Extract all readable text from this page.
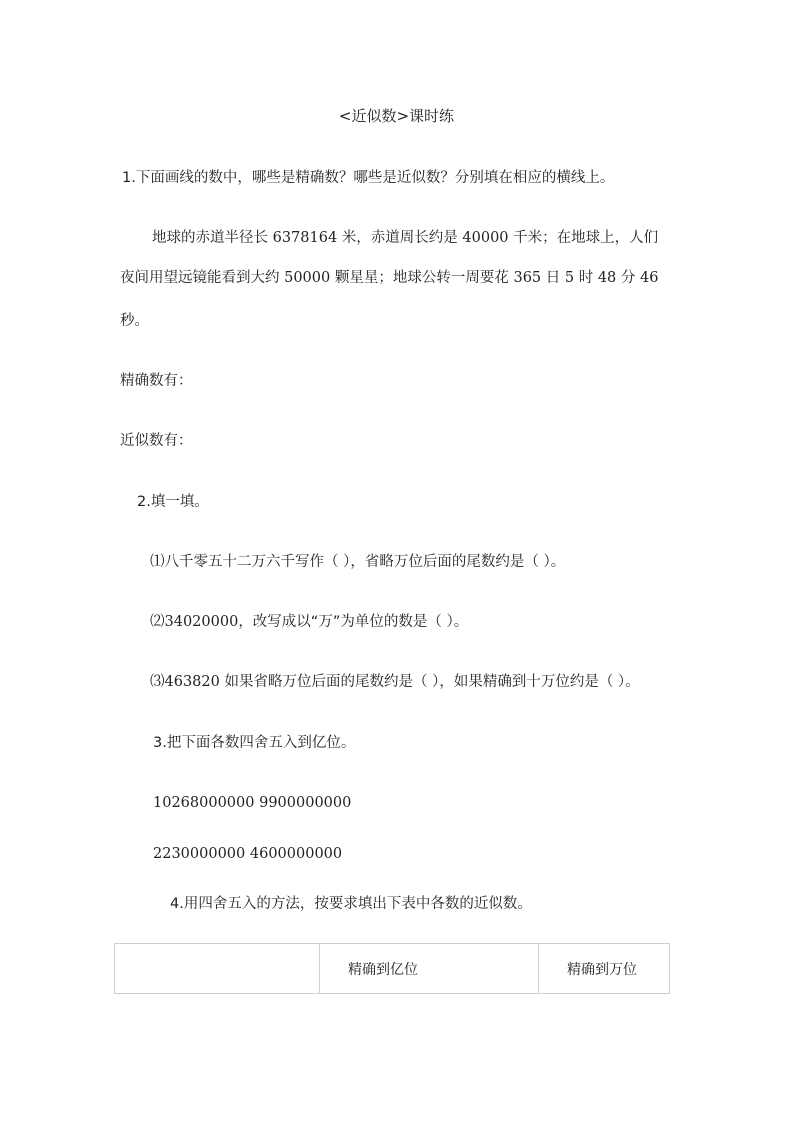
<近似数>课时练
1.下面画线的数中，哪些是精确数？哪些是近似数？分别填在相应的横线上。
地球的赤道半径长 6378164 米，赤道周长约是 40000 千米；在地球上，人们
夜间用望远镜能看到大约 50000 颗星星；地球公转一周要花 365 日 5 时 48 分 46
秒。
精确数有：
近似数有：
2.填一填。
⑴八千零五十二万六千写作（ ），省略万位后面的尾数约是（ ）。
⑵34020000，改写成以“万”为单位的数是（ ）。
⑶463820 如果省略万位后面的尾数约是（ ），如果精确到十万位约是（ ）。
3.把下面各数四舍五入到亿位。
10268000000 9900000000
2230000000 4600000000
4.用四舍五入的方法，按要求填出下表中各数的近似数。
	精确到亿位	精确到万位
